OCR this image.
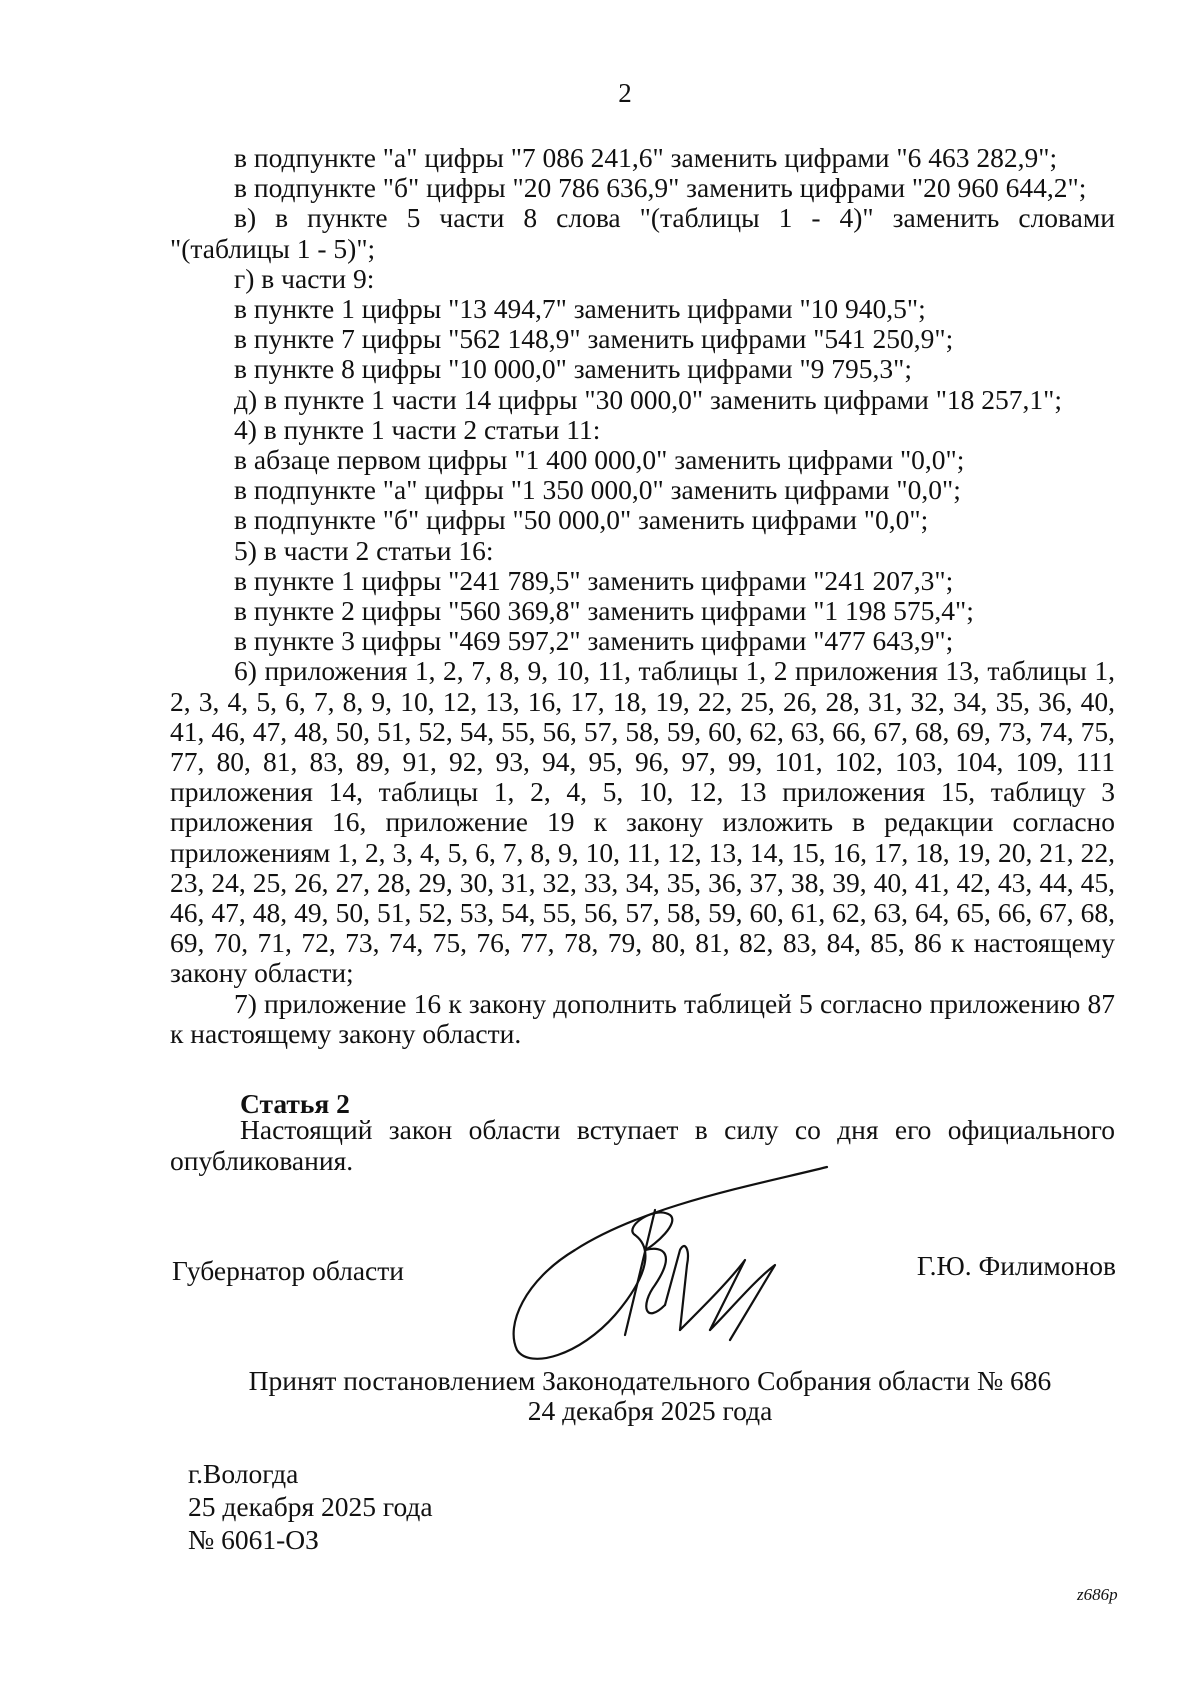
2
в подпункте "а" цифры "7 086 241,6" заменить цифрами "6 463 282,9";
в подпункте "б" цифры "20 786 636,9" заменить цифрами "20 960 644,2";
в) в пункте 5 части 8 слова "(таблицы 1 - 4)" заменить словами
"(таблицы 1 - 5)";
г) в части 9:
в пункте 1 цифры "13 494,7" заменить цифрами "10 940,5";
в пункте 7 цифры "562 148,9" заменить цифрами "541 250,9";
в пункте 8 цифры "10 000,0" заменить цифрами "9 795,3";
д) в пункте 1 части 14 цифры "30 000,0" заменить цифрами "18 257,1";
4) в пункте 1 части 2 статьи 11:
в абзаце первом цифры "1 400 000,0" заменить цифрами "0,0";
в подпункте "а" цифры "1 350 000,0" заменить цифрами "0,0";
в подпункте "б" цифры "50 000,0" заменить цифрами "0,0";
5) в части 2 статьи 16:
в пункте 1 цифры "241 789,5" заменить цифрами "241 207,3";
в пункте 2 цифры "560 369,8" заменить цифрами "1 198 575,4";
в пункте 3 цифры "469 597,2" заменить цифрами "477 643,9";
6) приложения 1, 2, 7, 8, 9, 10, 11, таблицы 1, 2 приложения 13, таблицы 1, 2, 3, 4, 5, 6, 7, 8, 9, 10, 12, 13, 16, 17, 18, 19, 22, 25, 26, 28, 31, 32, 34, 35, 36, 40, 41, 46, 47, 48, 50, 51, 52, 54, 55, 56, 57, 58, 59, 60, 62, 63, 66, 67, 68, 69, 73, 74, 75, 77, 80, 81, 83, 89, 91, 92, 93, 94, 95, 96, 97, 99, 101, 102, 103, 104, 109, 111 приложения 14, таблицы 1, 2, 4, 5, 10, 12, 13 приложения 15, таблицу 3 приложения 16, приложение 19 к закону изложить в редакции согласно приложениям 1, 2, 3, 4, 5, 6, 7, 8, 9, 10, 11, 12, 13, 14, 15, 16, 17, 18, 19, 20, 21, 22, 23, 24, 25, 26, 27, 28, 29, 30, 31, 32, 33, 34, 35, 36, 37, 38, 39, 40, 41, 42, 43, 44, 45, 46, 47, 48, 49, 50, 51, 52, 53, 54, 55, 56, 57, 58, 59, 60, 61, 62, 63, 64, 65, 66, 67, 68, 69, 70, 71, 72, 73, 74, 75, 76, 77, 78, 79, 80, 81, 82, 83, 84, 85, 86 к настоящему закону области;
7) приложение 16 к закону дополнить таблицей 5 согласно приложению 87 к настоящему закону области.
Статья 2
Настоящий закон области вступает в силу со дня его официального опубликования.
Губернатор области	Г.Ю. Филимонов
Принят постановлением Законодательного Собрания области № 686
24 декабря 2025 года
г.Вологда
25 декабря 2025 года
№ 6061-ОЗ
z686p
